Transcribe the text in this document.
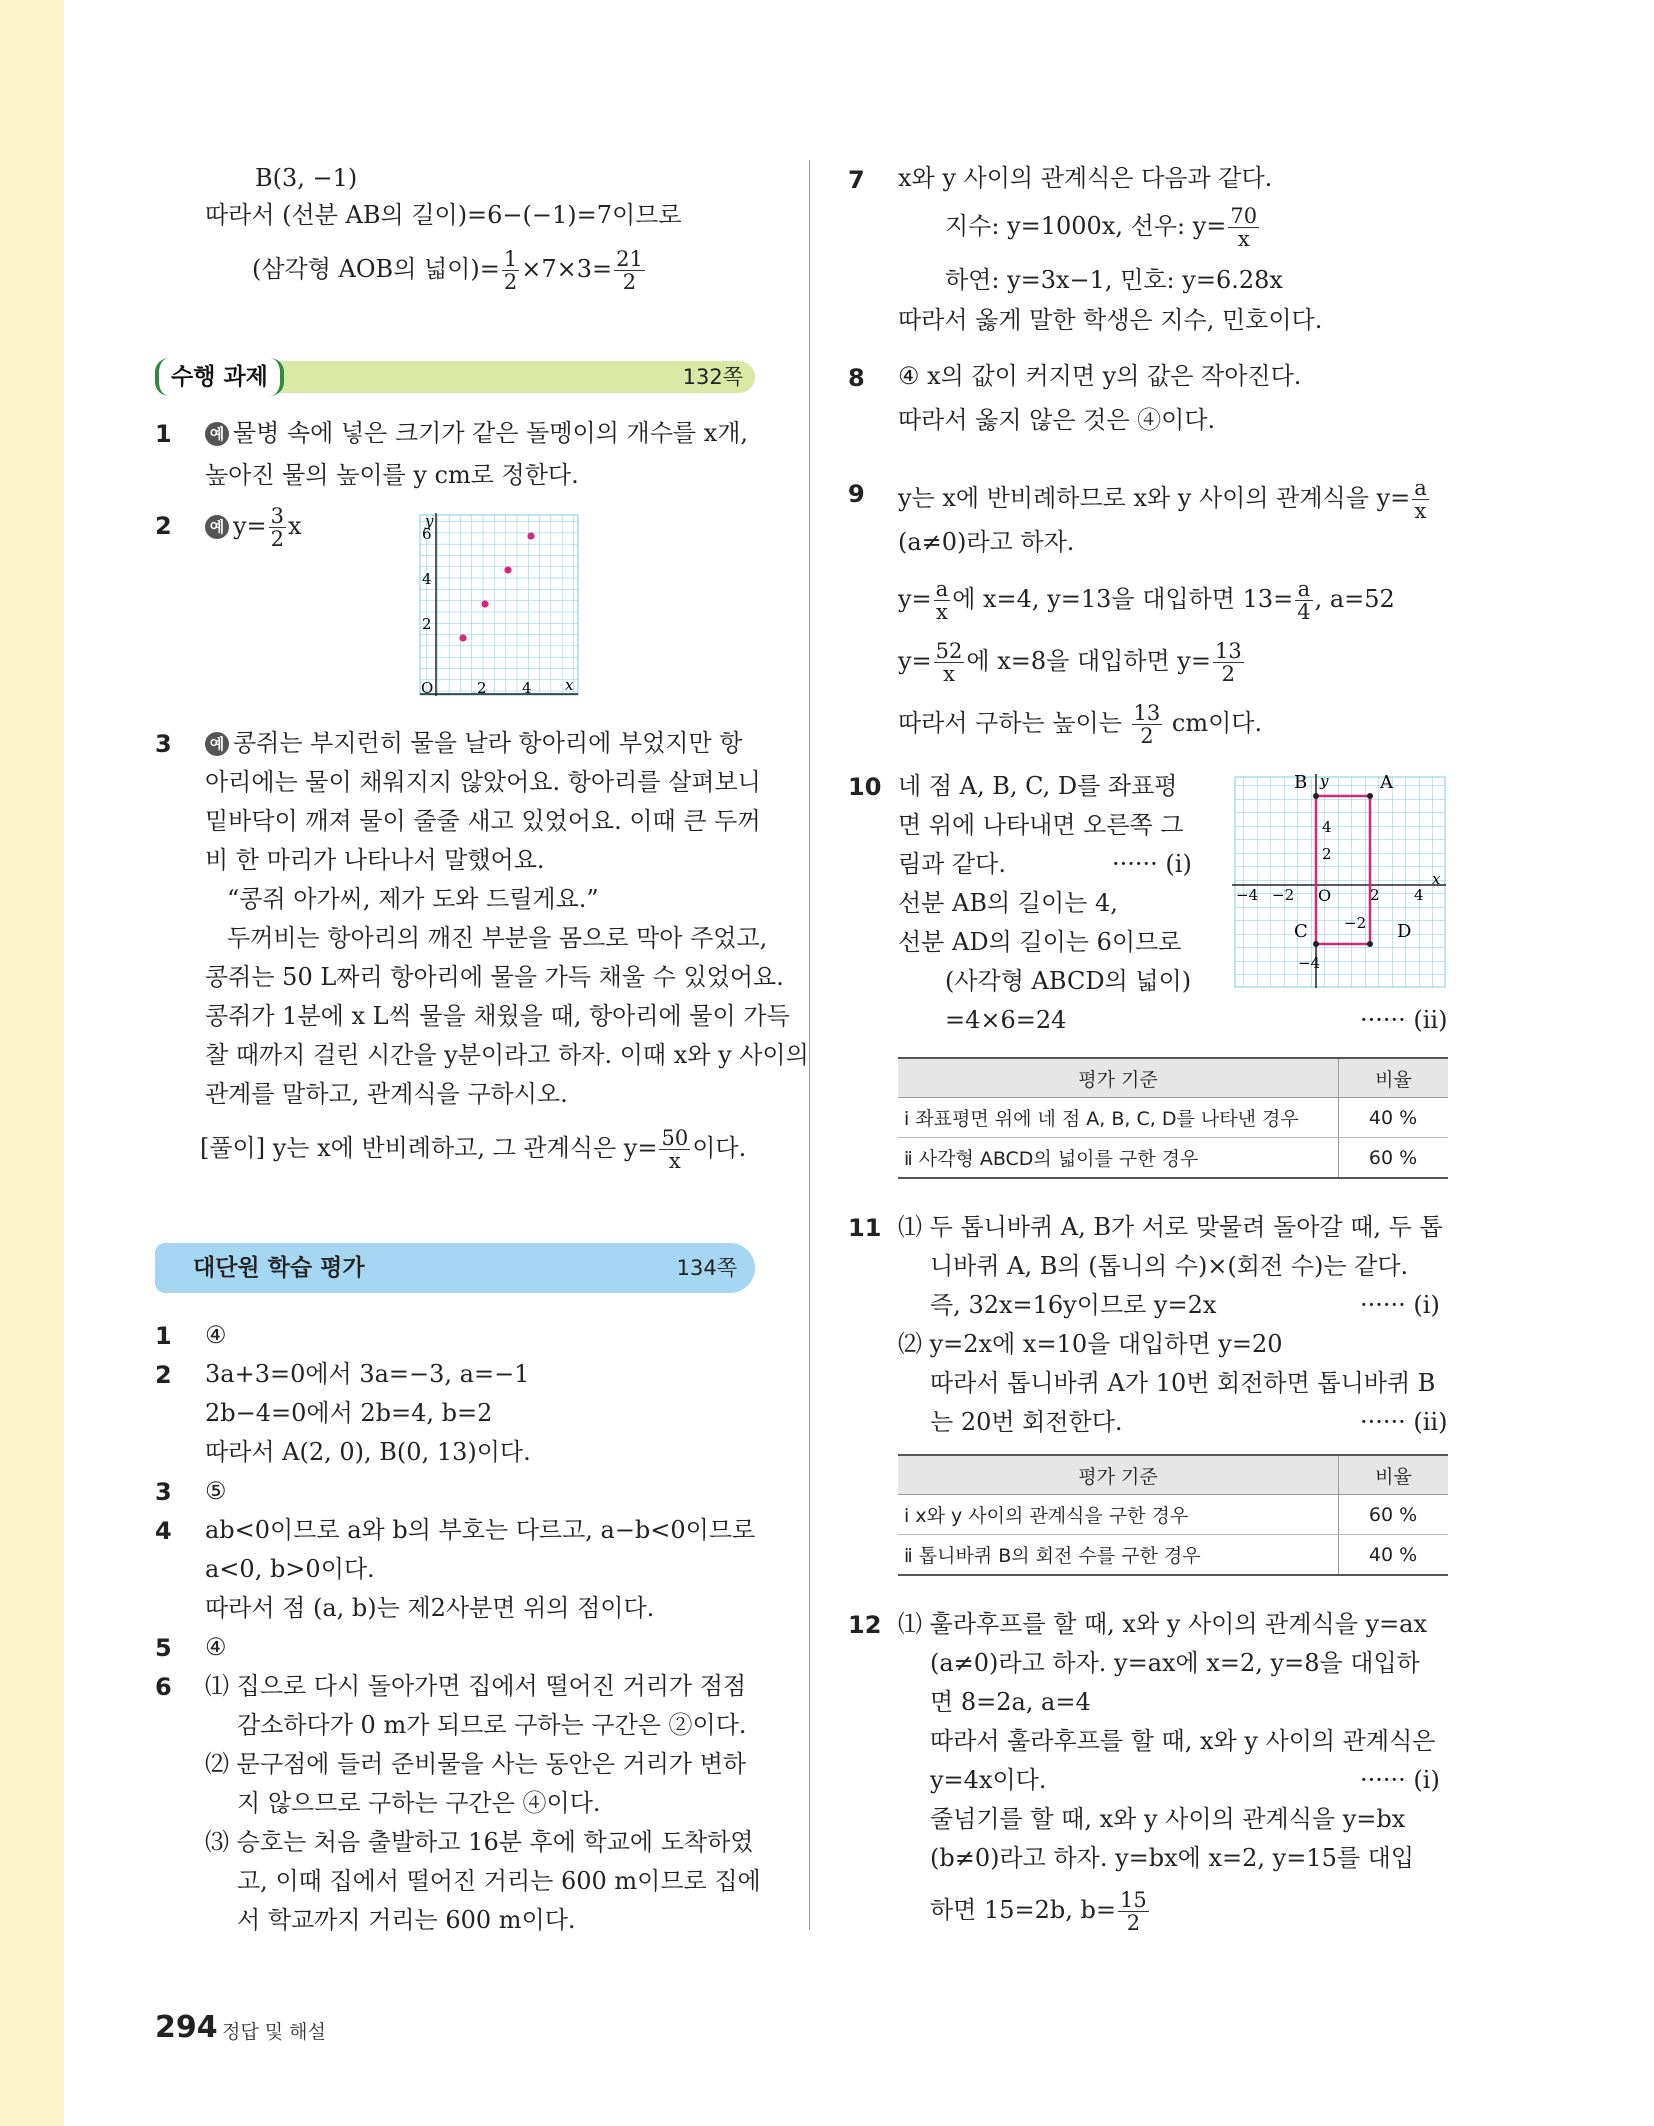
B(3, −1)
따라서 (선분 AB의 길이)=6−(−1)=7이므로
(삼각형 AOB의 넓이)= $\frac{1}{2} \times 7\times 3= \frac{21}{2}$
수행 과제	132쪽
1	예 물병 속에 넣은 크기가 같은 돌멩이의 개수를 x개,
높아진 물의 높이를 y cm로 정한다.
2	예 $y= \frac{3}{2}$ x	y
x
O
6
4
2
2 4
3	예 콩쥐는 부지런히 물을 날라 항아리에 부었지만 항
아리에는 물이 채워지지 않았어요. 항아리를 살펴보니
밑바닥이 깨져 물이 줄줄 새고 있었어요. 이때 큰 두꺼
비 한 마리가 나타나서 말했어요.
“콩쥐 아가씨, 제가 도와 드릴게요.”
두꺼비는 항아리의 깨진 부분을 몸으로 막아 주었고,
콩쥐는 50 L짜리 항아리에 물을 가득 채울 수 있었어요.
콩쥐가 1분에 x L씩 물을 채웠을 때, 항아리에 물이 가득
찰 때까지 걸린 시간을 y분이라고 하자. 이때 x와 y 사이의
관계를 말하고, 관계식을 구하시오.
[풀이] y는 x에 반비례하고, 그 관계식은 $y= \frac{50}{x}$ 이다.
대단원 학습 평가	134쪽
1 ④
2 3a+3=0에서 3a=−3, a=−1
2b−4=0에서 2b=4, b=2
따라서 A(2, 0), B(0, 13)이다.
3 ⑤
4 ab<0이므로 a와 b의 부호는 다르고, a−b<0이므로
a<0, b>0이다.
따라서 점 (a, b)는 제2사분면 위의 점이다.
5 ④
6 ⑴ 집으로 다시 돌아가면 집에서 떨어진 거리가 점점
감소하다가 0 m가 되므로 구하는 구간은 ②이다.
⑵ 문구점에 들러 준비물을 사는 동안은 거리가 변하
지 않으므로 구하는 구간은 ④이다.
⑶ 승호는 처음 출발하고 16분 후에 학교에 도착하였
고, 이때 집에서 떨어진 거리는 600 m이므로 집에
서 학교까지 거리는 600 m이다.
7 x와 y 사이의 관계식은 다음과 같다.
지수: y=1000x, 선우: $y= \frac{70}{x}$
하연: y=3x−1, 민호: y=6.28x
따라서 옳게 말한 학생은 지수, 민호이다.
8 ④ x의 값이 커지면 y의 값은 작아진다.
따라서 옳지 않은 것은 ④이다.
9 y는 x에 반비례하므로 x와 y 사이의 관계식을 $y= \frac{a}{x}$
(a≠0)라고 하자.
$y= \frac{a}{x}$ 에 x=4, y=13을 대입하면 $13= \frac{a}{4}$ , a=52
$y= \frac{52}{x}$ 에 x=8을 대입하면 $y= \frac{13}{2}$
따라서 구하는 높이는 $\frac{13}{2}$ cm이다.
10 네 점 A, B, C, D를 좌표평
면 위에 나타내면 오른쪽 그
림과 같다.	······ (ⅰ)
선분 AB의 길이는 4,
선분 AD의 길이는 6이므로
(사각형 ABCD의 넓이)
=4×6=24	······ (ⅱ)
B	A
C	D
y
x
O
4
2
−2
−4
−4 −2	2 4
평가 기준	비율
ⅰ 좌표평면 위에 네 점 A, B, C, D를 나타낸 경우	40 %
ⅱ 사각형 ABCD의 넓이를 구한 경우	60 %
11 ⑴ 두 톱니바퀴 A, B가 서로 맞물려 돌아갈 때, 두 톱
니바퀴 A, B의 (톱니의 수)×(회전 수)는 같다.
즉, 32x=16y이므로 y=2x	······ (ⅰ)
⑵ y=2x에 x=10을 대입하면 y=20
따라서 톱니바퀴 A가 10번 회전하면 톱니바퀴 B
는 20번 회전한다.	······ (ⅱ)
평가 기준	비율
ⅰ x와 y 사이의 관계식을 구한 경우	60 %
ⅱ 톱니바퀴 B의 회전 수를 구한 경우	40 %
12 ⑴ 훌라후프를 할 때, x와 y 사이의 관계식을 y=ax
(a≠0)라고 하자. y=ax에 x=2, y=8을 대입하
면 8=2a, a=4
따라서 훌라후프를 할 때, x와 y 사이의 관계식은
y=4x이다.	······ (ⅰ)
줄넘기를 할 때, x와 y 사이의 관계식을 y=bx
(b≠0)라고 하자. y=bx에 x=2, y=15를 대입
하면 15=2b, $b= \frac{15}{2}$
294 정답 및 해설
